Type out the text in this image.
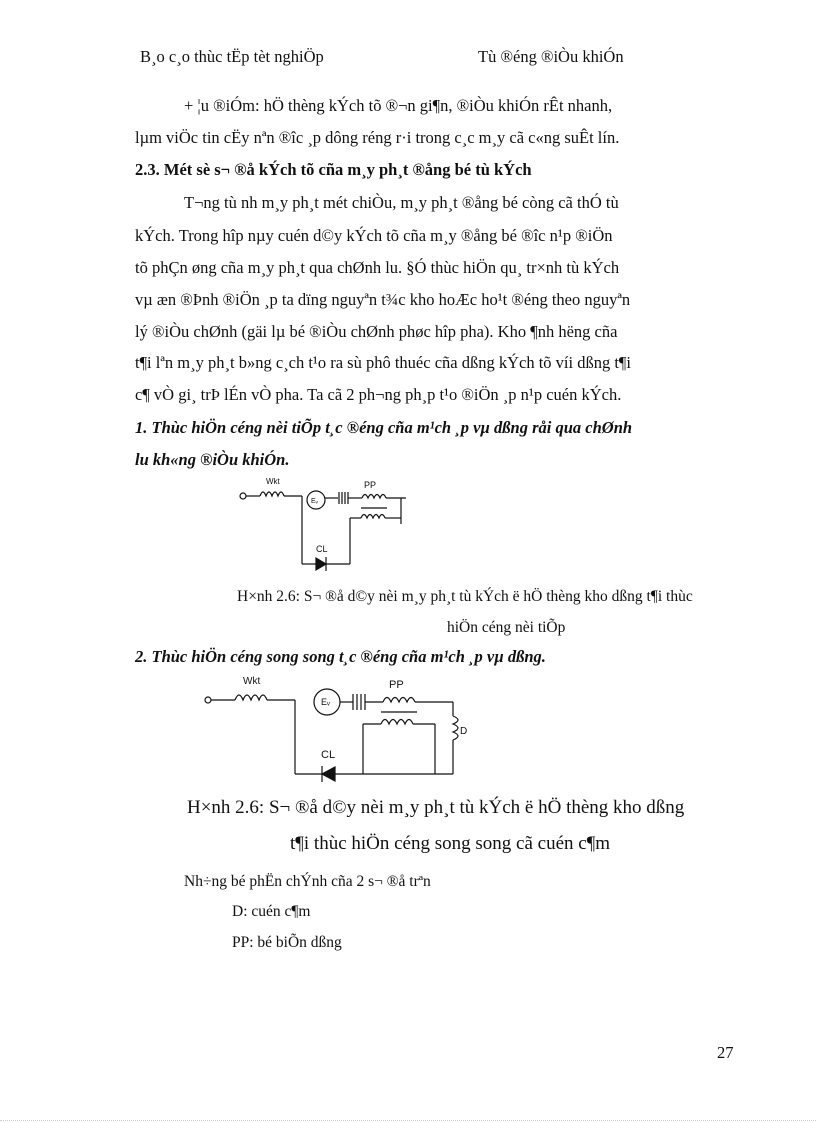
B¸o c¸o thùc tËp tèt nghiÖp	Tù ®éng ®iÒu khiÓn
+ ¦u ®iÓm: hÖ thèng kÝch tõ ®¬n gi¶n, ®iÒu khiÓn rÊt nhanh,
lµm viÖc tin cËy nªn ®îc ¸p dông réng r·i trong c¸c m¸y cã c«ng suÊt lín.
2.3. Mét sè s¬ ®å kÝch tõ cña m¸y ph¸t ®ång bé tù kÝch
T¬ng tù nh m¸y ph¸t mét chiÒu, m¸y ph¸t ®ång bé còng cã thÓ tù
kÝch. Trong hîp nµy cuén d©y kÝch tõ cña m¸y ®ång bé ®îc n¹p ®iÖn
tõ phÇn øng cña m¸y ph¸t qua chØnh lu. §Ó thùc hiÖn qu¸ tr×nh tù kÝch
vµ æn ®Þnh ®iÖn ¸p ta dïng nguyªn t¾c kho hoÆc ho¹t ®éng theo nguyªn
lý ®iÒu chØnh (gäi lµ bé ®iÒu chØnh phøc hîp pha). Kho ¶nh hëng cña
t¶i lªn m¸y ph¸t b»ng c¸ch t¹o ra sù phô thuéc cña dßng kÝch tõ víi dßng t¶i
c¶ vÒ gi¸ trÞ lÉn vÒ pha. Ta cã 2 ph¬ng ph¸p t¹o ®iÖn ¸p n¹p cuén kÝch.
1. Thùc hiÖn céng nèi tiÕp t¸c ®éng cña m¹ch ¸p vµ dßng råi qua chØnh
lu kh«ng ®iÒu khiÓn.
Wkt
Eᵥ
PP
CL
H×nh 2.6: S¬ ®å d©y nèi m¸y ph¸t tù kÝch ë hÖ thèng kho dßng t¶i thùc
hiÖn céng nèi tiÕp
2. Thùc hiÖn céng song song t¸c ®éng cña m¹ch ¸p vµ dßng.
Wkt
Eᵥ
PP
D
CL
H×nh 2.6: S¬ ®å d©y nèi m¸y ph¸t tù kÝch ë hÖ thèng kho dßng
t¶i thùc hiÖn céng song song cã cuén c¶m
Nh÷ng bé phËn chÝnh cña 2 s¬ ®å trªn
D: cuén c¶m
PP: bé biÕn dßng
27
